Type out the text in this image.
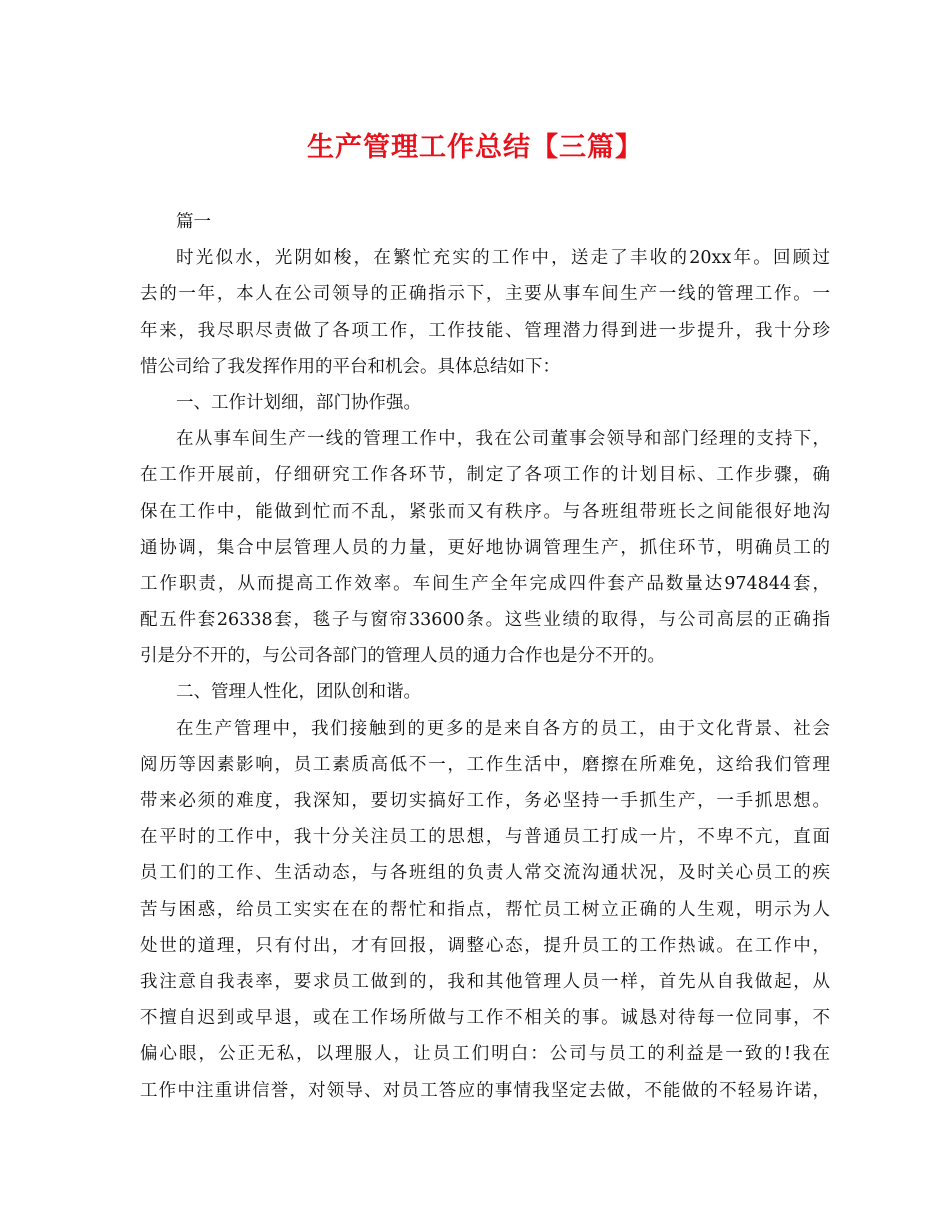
生产管理工作总结【三篇】
篇一
时光似水，光阴如梭，在繁忙充实的工作中，送走了丰收的20xx年。回顾过
去的一年，本人在公司领导的正确指示下，主要从事车间生产一线的管理工作。一
年来，我尽职尽责做了各项工作，工作技能、管理潜力得到进一步提升，我十分珍
惜公司给了我发挥作用的平台和机会。具体总结如下：
一、工作计划细，部门协作强。
在从事车间生产一线的管理工作中，我在公司董事会领导和部门经理的支持下，
在工作开展前，仔细研究工作各环节，制定了各项工作的计划目标、工作步骤，确
保在工作中，能做到忙而不乱，紧张而又有秩序。与各班组带班长之间能很好地沟
通协调，集合中层管理人员的力量，更好地协调管理生产，抓住环节，明确员工的
工作职责，从而提高工作效率。车间生产全年完成四件套产品数量达974844套，
配五件套26338套，毯子与窗帘33600条。这些业绩的取得，与公司高层的正确指
引是分不开的，与公司各部门的管理人员的通力合作也是分不开的。
二、管理人性化，团队创和谐。
在生产管理中，我们接触到的更多的是来自各方的员工，由于文化背景、社会
阅历等因素影响，员工素质高低不一，工作生活中，磨擦在所难免，这给我们管理
带来必须的难度，我深知，要切实搞好工作，务必坚持一手抓生产，一手抓思想。
在平时的工作中，我十分关注员工的思想，与普通员工打成一片，不卑不亢，直面
员工们的工作、生活动态，与各班组的负责人常交流沟通状况，及时关心员工的疾
苦与困惑，给员工实实在在的帮忙和指点，帮忙员工树立正确的人生观，明示为人
处世的道理，只有付出，才有回报，调整心态，提升员工的工作热诚。在工作中，
我注意自我表率，要求员工做到的，我和其他管理人员一样，首先从自我做起，从
不擅自迟到或早退，或在工作场所做与工作不相关的事。诚恳对待每一位同事，不
偏心眼，公正无私，以理服人，让员工们明白：公司与员工的利益是一致的!我在
工作中注重讲信誉，对领导、对员工答应的事情我坚定去做，不能做的不轻易许诺，
